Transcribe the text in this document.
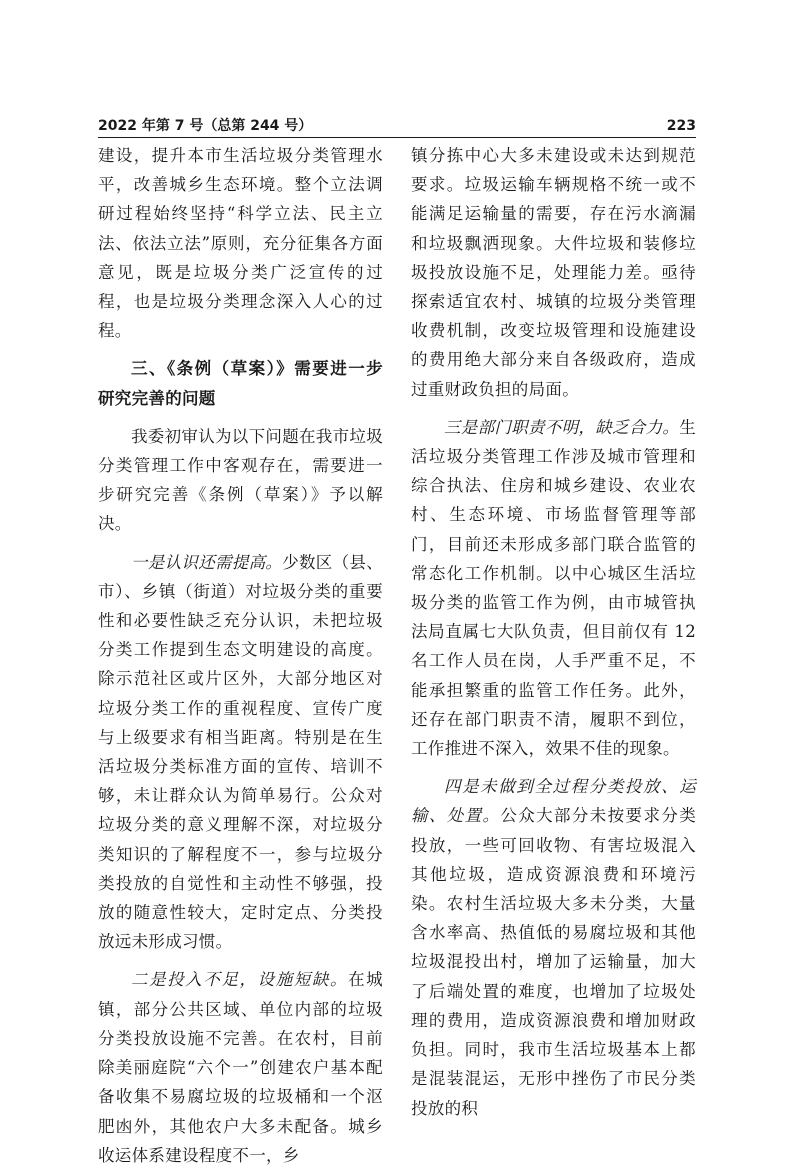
2022 年第 7 号（总第 244 号）	223

建设，提升本市生活垃圾分类管理水平，改善城乡生态环境。整个立法调研过程始终坚持“科学立法、民主立法、依法立法”原则，充分征集各方面意见，既是垃圾分类广泛宣传的过程，也是垃圾分类理念深入人心的过程。

三、《条例（草案）》需要进一步研究完善的问题

我委初审认为以下问题在我市垃圾分类管理工作中客观存在，需要进一步研究完善《条例（草案）》予以解决。

一是认识还需提高。少数区（县、市）、乡镇（街道）对垃圾分类的重要性和必要性缺乏充分认识，未把垃圾分类工作提到生态文明建设的高度。除示范社区或片区外，大部分地区对垃圾分类工作的重视程度、宣传广度与上级要求有相当距离。特别是在生活垃圾分类标准方面的宣传、培训不够，未让群众认为简单易行。公众对垃圾分类的意义理解不深，对垃圾分类知识的了解程度不一，参与垃圾分类投放的自觉性和主动性不够强，投放的随意性较大，定时定点、分类投放远未形成习惯。

二是投入不足，设施短缺。在城镇，部分公共区域、单位内部的垃圾分类投放设施不完善。在农村，目前除美丽庭院“六个一”创建农户基本配备收集不易腐垃圾的垃圾桶和一个沤肥凼外，其他农户大多未配备。城乡收运体系建设程度不一，乡

镇分拣中心大多未建设或未达到规范要求。垃圾运输车辆规格不统一或不能满足运输量的需要，存在污水滴漏和垃圾飘洒现象。大件垃圾和装修垃圾投放设施不足，处理能力差。亟待探索适宜农村、城镇的垃圾分类管理收费机制，改变垃圾管理和设施建设的费用绝大部分来自各级政府，造成过重财政负担的局面。

三是部门职责不明，缺乏合力。生活垃圾分类管理工作涉及城市管理和综合执法、住房和城乡建设、农业农村、生态环境、市场监督管理等部门，目前还未形成多部门联合监管的常态化工作机制。以中心城区生活垃圾分类的监管工作为例，由市城管执法局直属七大队负责，但目前仅有 12 名工作人员在岗，人手严重不足，不能承担繁重的监管工作任务。此外，还存在部门职责不清，履职不到位，工作推进不深入，效果不佳的现象。

四是未做到全过程分类投放、运输、处置。公众大部分未按要求分类投放，一些可回收物、有害垃圾混入其他垃圾，造成资源浪费和环境污染。农村生活垃圾大多未分类，大量含水率高、热值低的易腐垃圾和其他垃圾混投出村，增加了运输量，加大了后端处置的难度，也增加了垃圾处理的费用，造成资源浪费和增加财政负担。同时，我市生活垃圾基本上都是混装混运，无形中挫伤了市民分类投放的积
